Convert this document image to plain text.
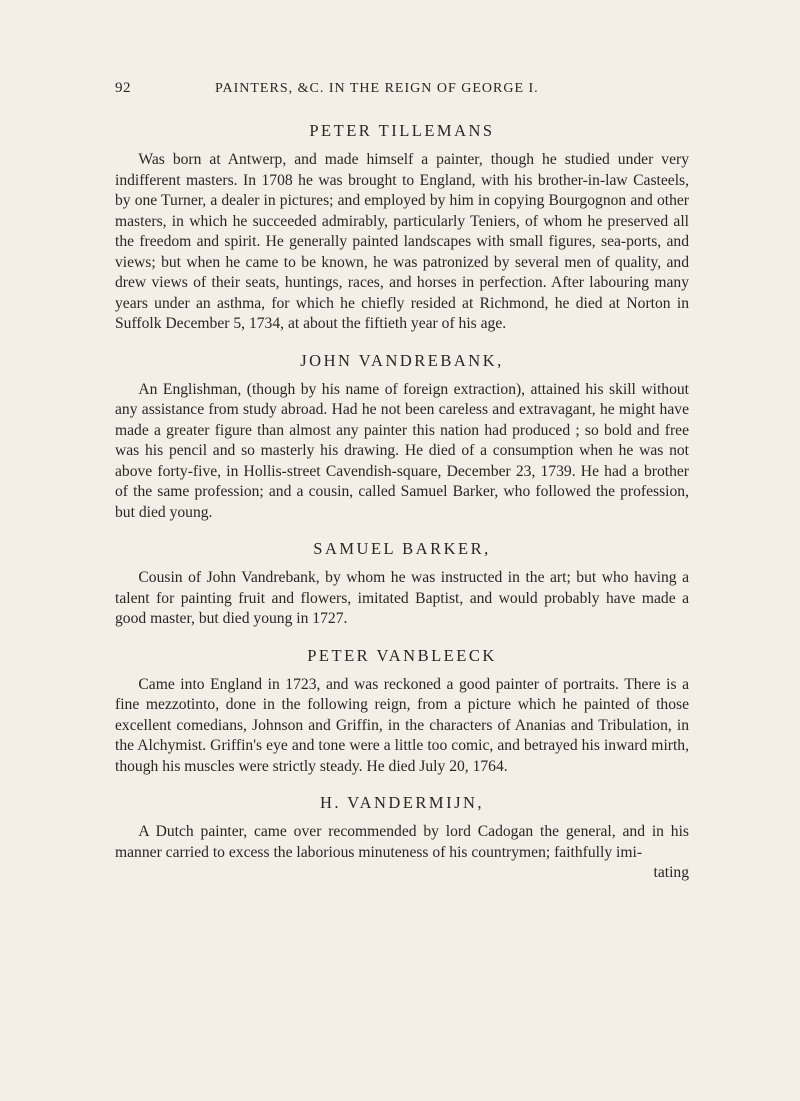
92	PAINTERS, &C. IN THE REIGN OF GEORGE I.
PETER TILLEMANS

Was born at Antwerp, and made himself a painter, though he studied under very indifferent masters. In 1708 he was brought to England, with his brother-in-law Casteels, by one Turner, a dealer in pictures; and employed by him in copying Bourgognon and other masters, in which he succeeded admirably, particularly Teniers, of whom he preserved all the freedom and spirit. He generally painted landscapes with small figures, sea-ports, and views; but when he came to be known, he was patronized by several men of quality, and drew views of their seats, huntings, races, and horses in perfection. After labouring many years under an asthma, for which he chiefly resided at Richmond, he died at Norton in Suffolk December 5, 1734, at about the fiftieth year of his age.

JOHN VANDREBANK,

An Englishman, (though by his name of foreign extraction), attained his skill without any assistance from study abroad. Had he not been careless and extravagant, he might have made a greater figure than almost any painter this nation had produced ; so bold and free was his pencil and so masterly his drawing. He died of a consumption when he was not above forty-five, in Hollis-street Cavendish-square, December 23, 1739. He had a brother of the same profession; and a cousin, called Samuel Barker, who followed the profession, but died young.

SAMUEL BARKER,

Cousin of John Vandrebank, by whom he was instructed in the art; but who having a talent for painting fruit and flowers, imitated Baptist, and would probably have made a good master, but died young in 1727.

PETER VANBLEECK

Came into England in 1723, and was reckoned a good painter of portraits. There is a fine mezzotinto, done in the following reign, from a picture which he painted of those excellent comedians, Johnson and Griffin, in the characters of Ananias and Tribulation, in the Alchymist. Griffin's eye and tone were a little too comic, and betrayed his inward mirth, though his muscles were strictly steady. He died July 20, 1764.

H. VANDERMIJN,

A Dutch painter, came over recommended by lord Cadogan the general, and in his manner carried to excess the laborious minuteness of his countrymen; faithfully imi-

tating
